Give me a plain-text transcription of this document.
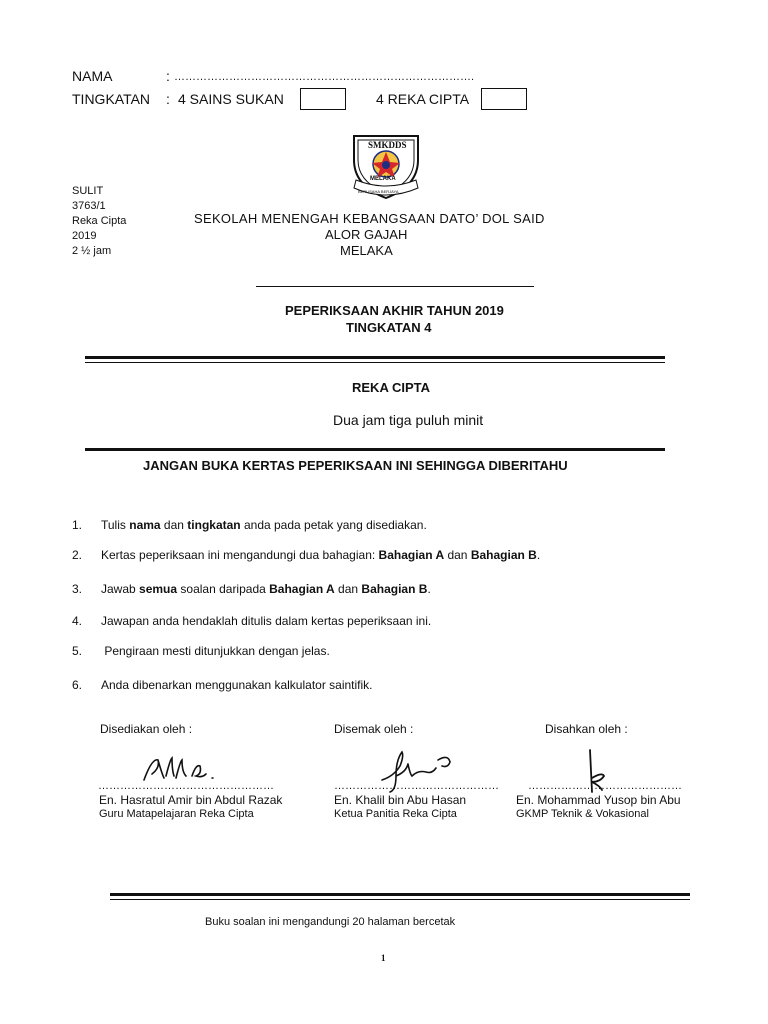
NAMA	: ……………………………………………………………………….
TINGKATAN : 4 SAINS SUKAN	4 REKA CIPTA
SMKDDS
MELAKA
BERUSAHA BERJAYA
SULIT
3763/1
Reka Cipta
2019
2 ½ jam
SEKOLAH MENENGAH KEBANGSAAN DATO’ DOL SAID
ALOR GAJAH
MELAKA
PEPERIKSAAN AKHIR TAHUN 2019
TINGKATAN 4
REKA CIPTA
Dua jam tiga puluh minit
JANGAN BUKA KERTAS PEPERIKSAAN INI SEHINGGA DIBERITAHU
1.	Tulis nama dan tingkatan anda pada petak yang disediakan.
2.	Kertas peperiksaan ini mengandungi dua bahagian: Bahagian A dan Bahagian B.
3.	Jawab semua soalan daripada Bahagian A dan Bahagian B.
4.	Jawapan anda hendaklah ditulis dalam kertas peperiksaan ini.
5.	Pengiraan mesti ditunjukkan dengan jelas.
6.	Anda dibenarkan menggunakan kalkulator saintifik.
Disediakan oleh :	Disemak oleh :	Disahkan oleh :
…………………………………………	………………………………………	……………………………………
En. Hasratul Amir bin Abdul Razak	En. Khalil bin Abu Hasan	En. Mohammad Yusop bin Abu
Guru Matapelajaran Reka Cipta	Ketua Panitia Reka Cipta	GKMP Teknik & Vokasional
Buku soalan ini mengandungi 20 halaman bercetak
1
